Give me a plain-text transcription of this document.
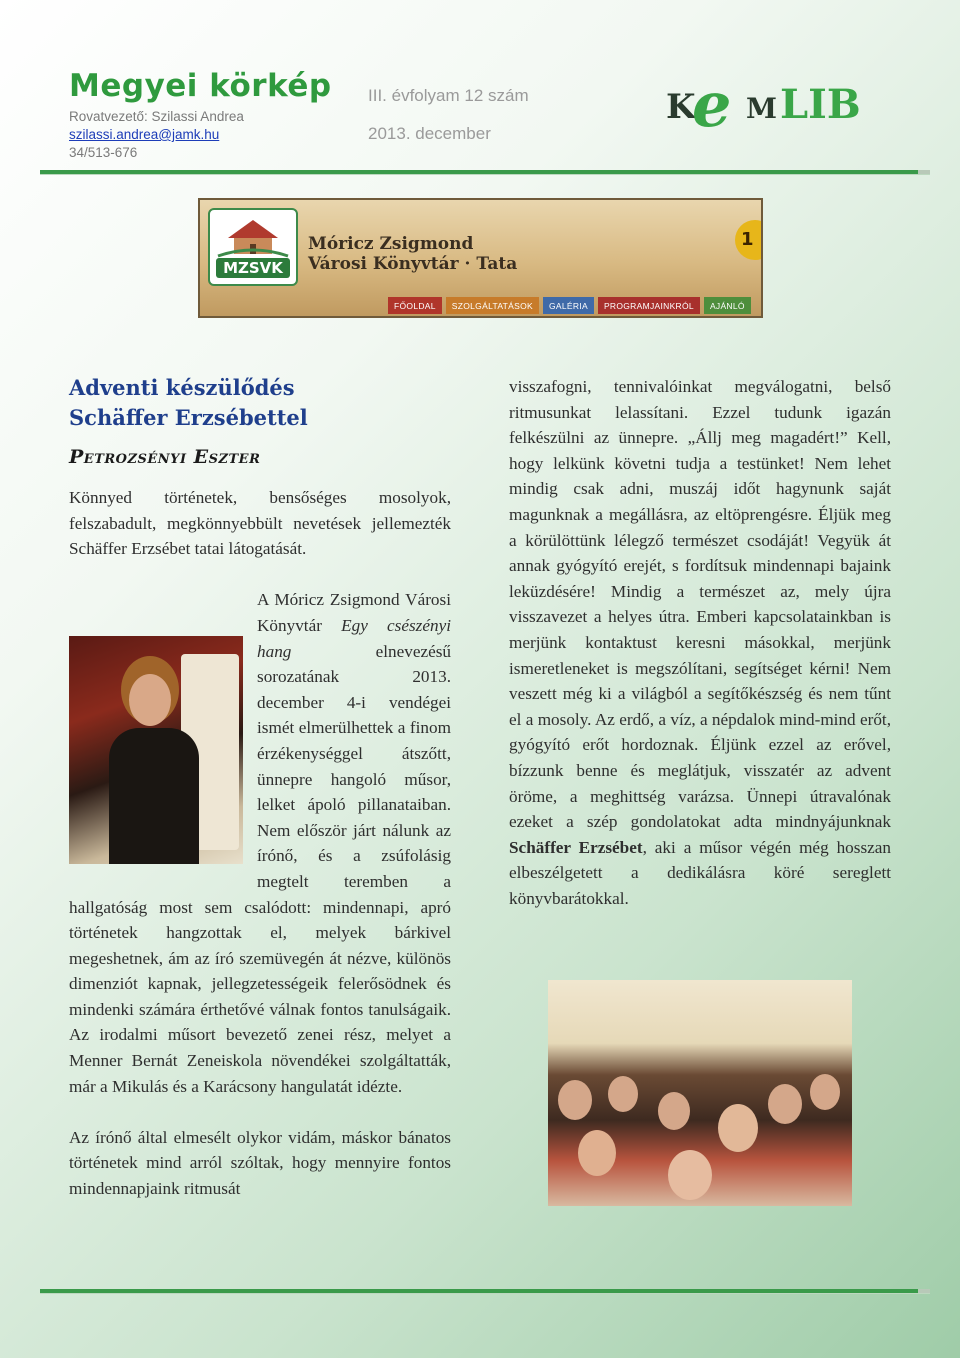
Megyei körkép
Rovatvezető: Szilassi Andrea
szilassi.andrea@jamk.hu
34/513-676
III. évfolyam 12 szám
2013. december
K
e M LIB
MZSVK
Móricz Zsigmond
Városi Könyvtár · Tata
1
FŐOLDAL	SZOLGÁLTATÁSOK	GALÉRIA	PROGRAMJAINKRÓL	AJÁNLÓ
Adventi készülődés Schäffer Erzsébettel
Petrozsényi Eszter

Könnyed történetek, bensőséges mosolyok, felszabadult, megkönnyebbült nevetések jellemezték Schäffer Erzsébet tatai látogatását.

A Móricz Zsigmond Városi Könyvtár Egy csészényi hang elnevezésű sorozatának 2013. december 4-i vendégei ismét elmerülhettek a finom érzékenységgel átszőtt, ünnepre hangoló műsor, lelket ápoló pillanataiban. Nem először járt nálunk az írónő, és a zsúfolásig megtelt teremben a hallgatóság most sem csalódott: mindennapi, apró történetek hangzottak el, melyek bárkivel megeshetnek, ám az író szemüvegén át nézve, különös dimenziót kapnak, jellegzetességeik felerősödnek és mindenki számára érthetővé válnak fontos tanulságaik. Az irodalmi műsort bevezető zenei rész, melyet a Menner Bernát Zeneiskola növendékei szolgáltatták, már a Mikulás és a Karácsony hangulatát idézte.

Az írónő által elmesélt olykor vidám, máskor bánatos történetek mind arról szóltak, hogy mennyire fontos mindennapjaink ritmusát

visszafogni, tennivalóinkat megválogatni, belső ritmusunkat lelassítani. Ezzel tudunk igazán felkészülni az ünnepre. „Állj meg magadért!” Kell, hogy lelkünk követni tudja a testünket! Nem lehet mindig csak adni, muszáj időt hagynunk saját magunknak a megállásra, az eltöprengésre. Éljük meg a körülöttünk lélegző természet csodáját! Vegyük át annak gyógyító erejét, s fordítsuk mindennapi bajaink leküzdésére! Mindig a természet az, mely újra visszavezet a helyes útra. Emberi kapcsolatainkban is merjünk kontaktust keresni másokkal, merjünk ismeretleneket is megszólítani, segítséget kérni! Nem veszett még ki a világból a segítőkészség és nem tűnt el a mosoly. Az erdő, a víz, a népdalok mind-mind erőt, gyógyító erőt hordoznak. Éljünk ezzel az erővel, bízzunk benne és meglátjuk, visszatér az advent öröme, a meghittség varázsa. Ünnepi útravalónak ezeket a szép gondolatokat adta mindnyájunknak Schäffer Erzsébet, aki a műsor végén még hosszan elbeszélgetett a dedikálásra köré sereglett könyvbarátokkal.
